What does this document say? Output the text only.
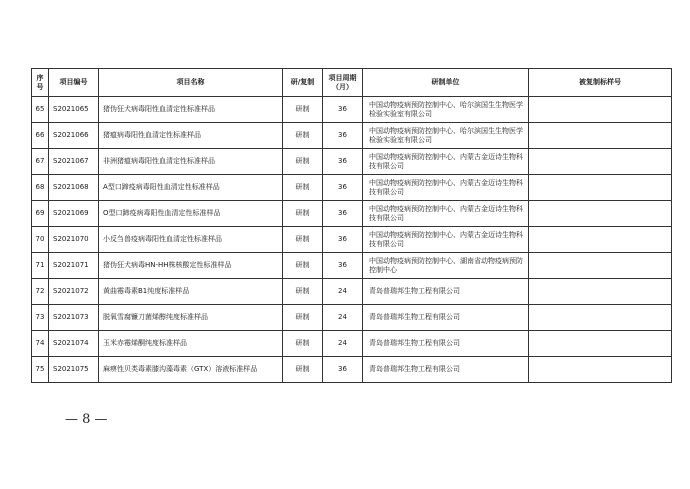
序号	项目编号	项目名称	研/复制	项目周期（月）	研制单位	被复制标样号
65	S2021065	猪伪狂犬病毒阳性血清定性标准样品	研制	36	中国动物疫病预防控制中心、哈尔滨国生生物医学检验实验室有限公司	
66	S2021066	猪瘟病毒阳性血清定性标准样品	研制	36	中国动物疫病预防控制中心、哈尔滨国生生物医学检验实验室有限公司	
67	S2021067	非洲猪瘟病毒阳性血清定性标准样品	研制	36	中国动物疫病预防控制中心、内蒙古金迈诗生物科技有限公司	
68	S2021068	A型口蹄疫病毒阳性血清定性标准样品	研制	36	中国动物疫病预防控制中心、内蒙古金迈诗生物科技有限公司	
69	S2021069	O型口蹄疫病毒阳性血清定性标准样品	研制	36	中国动物疫病预防控制中心、内蒙古金迈诗生物科技有限公司	
70	S2021070	小反刍兽疫病毒阳性血清定性标准样品	研制	36	中国动物疫病预防控制中心、内蒙古金迈诗生物科技有限公司	
71	S2021071	猪伪狂犬病毒HN-HH株核酸定性标准样品	研制	36	中国动物疫病预防控制中心、湖南省动物疫病预防控制中心	
72	S2021072	黄曲霉毒素B1纯度标准样品	研制	24	青岛普瑞邦生物工程有限公司	
73	S2021073	脱氧雪腐镰刀菌烯醇纯度标准样品	研制	24	青岛普瑞邦生物工程有限公司	
74	S2021074	玉米赤霉烯酮纯度标准样品	研制	24	青岛普瑞邦生物工程有限公司	
75	S2021075	麻痹性贝类毒素膝沟藻毒素（GTX）溶液标准样品	研制	36	青岛普瑞邦生物工程有限公司	
— 8 —
